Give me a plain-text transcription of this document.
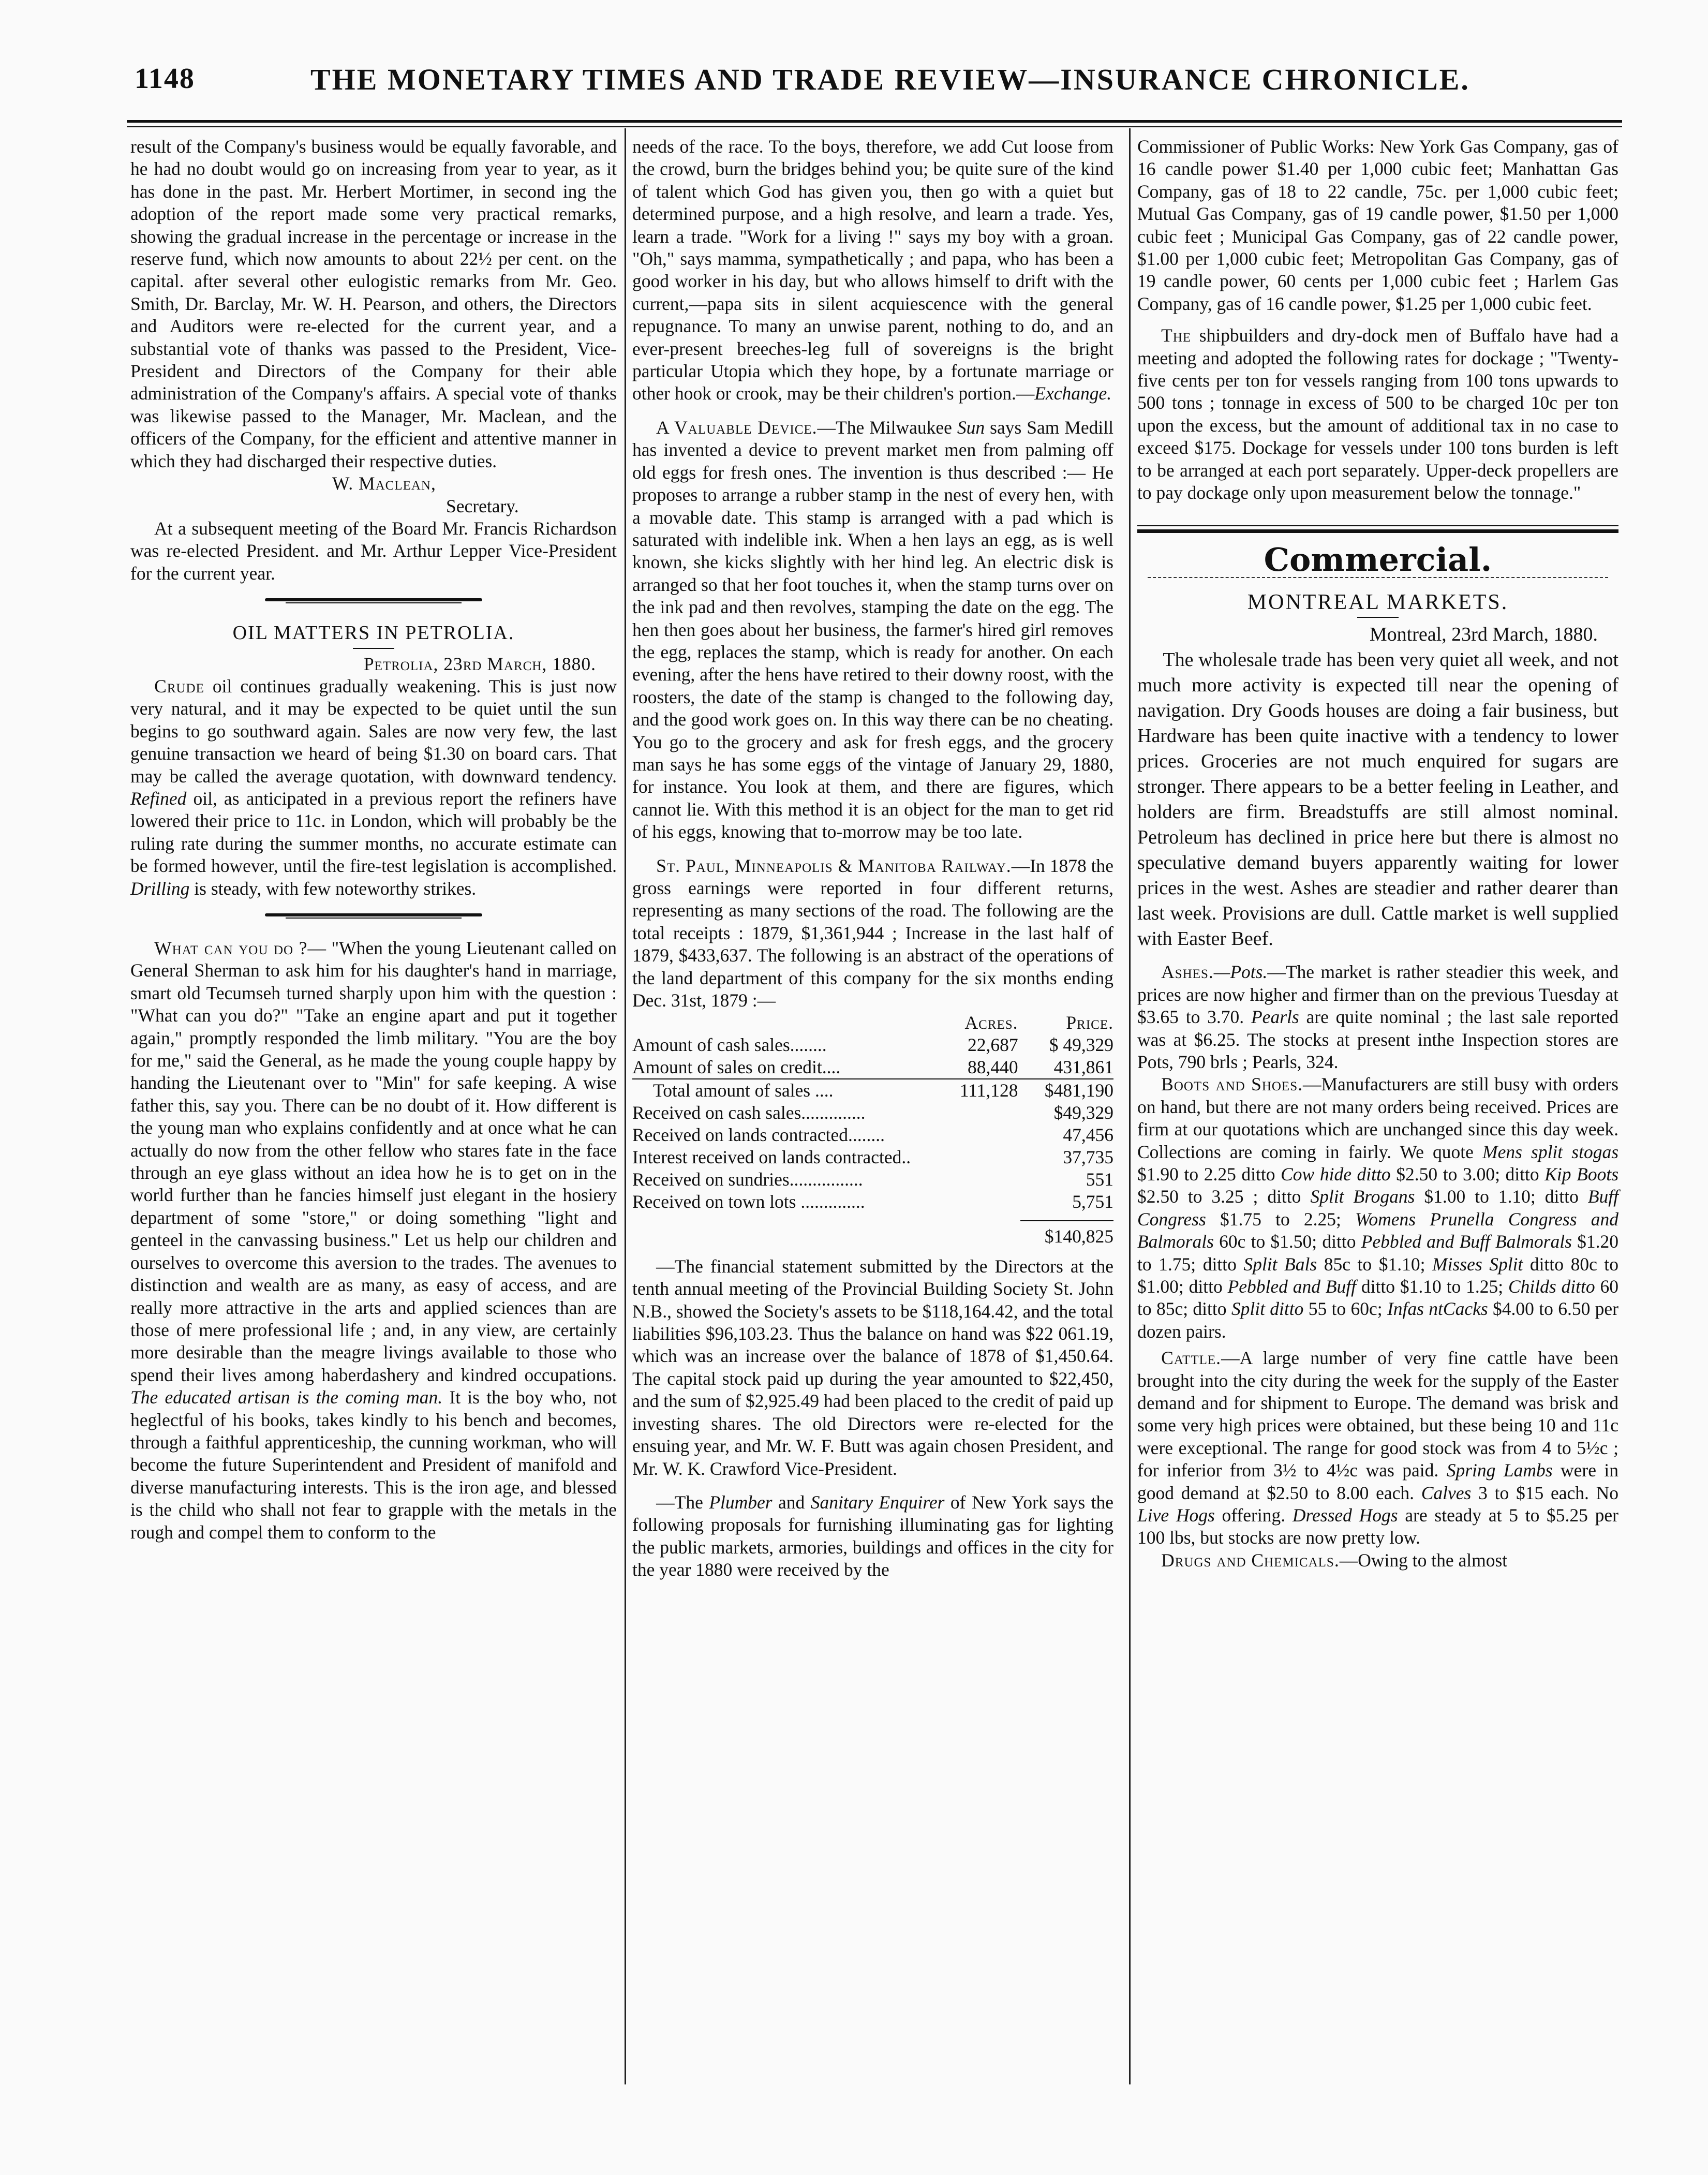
1148	THE MONETARY TIMES AND TRADE REVIEW—INSURANCE CHRONICLE.

result of the Company's business would be equally favorable, and he had no doubt would go on increasing from year to year, as it has done in the past. Mr. Herbert Mortimer, in second ing the adoption of the report made some very practical remarks, showing the gradual increase in the percentage or increase in the reserve fund, which now amounts to about 22½ per cent. on the capital. after several other eulogistic remarks from Mr. Geo. Smith, Dr. Barclay, Mr. W. H. Pearson, and others, the Directors and Auditors were re-elected for the current year, and a substantial vote of thanks was passed to the President, Vice-President and Directors of the Company for their able administration of the Company's affairs. A special vote of thanks was likewise passed to the Manager, Mr. Maclean, and the officers of the Company, for the efficient and attentive manner in which they had discharged their respective duties.

W. Maclean,
Secretary.

At a subsequent meeting of the Board Mr. Francis Richardson was re-elected President. and Mr. Arthur Lepper Vice-President for the current year.

OIL MATTERS IN PETROLIA.
Petrolia, 23rd March, 1880.

Crude oil continues gradually weakening. This is just now very natural, and it may be expected to be quiet until the sun begins to go southward again. Sales are now very few, the last genuine transaction we heard of being $1.30 on board cars. That may be called the average quotation, with downward tendency. Refined oil, as anticipated in a previous report the refiners have lowered their price to 11c. in London, which will probably be the ruling rate during the summer months, no accurate estimate can be formed however, until the fire-test legislation is accomplished. Drilling is steady, with few noteworthy strikes.

What can you do ?— "When the young Lieutenant called on General Sherman to ask him for his daughter's hand in marriage, smart old Tecumseh turned sharply upon him with the question : "What can you do?" "Take an engine apart and put it together again," promptly responded the limb military. "You are the boy for me," said the General, as he made the young couple happy by handing the Lieutenant over to "Min" for safe keeping. A wise father this, say you. There can be no doubt of it. How different is the young man who explains confidently and at once what he can actually do now from the other fellow who stares fate in the face through an eye glass without an idea how he is to get on in the world further than he fancies himself just elegant in the hosiery department of some "store," or doing something "light and genteel in the canvassing business." Let us help our children and ourselves to overcome this aversion to the trades. The avenues to distinction and wealth are as many, as easy of access, and are really more attractive in the arts and applied sciences than are those of mere professional life ; and, in any view, are certainly more desirable than the meagre livings available to those who spend their lives among haberdashery and kindred occupations. The educated artisan is the coming man. It is the boy who, not heglectful of his books, takes kindly to his bench and becomes, through a faithful apprenticeship, the cunning workman, who will become the future Superintendent and President of manifold and diverse manufacturing interests. This is the iron age, and blessed is the child who shall not fear to grapple with the metals in the rough and compel them to conform to the

needs of the race. To the boys, therefore, we add Cut loose from the crowd, burn the bridges behind you; be quite sure of the kind of talent which God has given you, then go with a quiet but determined purpose, and a high resolve, and learn a trade. Yes, learn a trade. "Work for a living !" says my boy with a groan. "Oh," says mamma, sympathetically ; and papa, who has been a good worker in his day, but who allows himself to drift with the current,—papa sits in silent acquiescence with the general repugnance. To many an unwise parent, nothing to do, and an ever-present breeches-leg full of sovereigns is the bright particular Utopia which they hope, by a fortunate marriage or other hook or crook, may be their children's portion.—Exchange.

A Valuable Device.—The Milwaukee Sun says Sam Medill has invented a device to prevent market men from palming off old eggs for fresh ones. The invention is thus described :— He proposes to arrange a rubber stamp in the nest of every hen, with a movable date. This stamp is arranged with a pad which is saturated with indelible ink. When a hen lays an egg, as is well known, she kicks slightly with her hind leg. An electric disk is arranged so that her foot touches it, when the stamp turns over on the ink pad and then revolves, stamping the date on the egg. The hen then goes about her business, the farmer's hired girl removes the egg, replaces the stamp, which is ready for another. On each evening, after the hens have retired to their downy roost, with the roosters, the date of the stamp is changed to the following day, and the good work goes on. In this way there can be no cheating. You go to the grocery and ask for fresh eggs, and the grocery man says he has some eggs of the vintage of January 29, 1880, for instance. You look at them, and there are figures, which cannot lie. With this method it is an object for the man to get rid of his eggs, knowing that to-morrow may be too late.

St. Paul, Minneapolis & Manitoba Railway.—In 1878 the gross earnings were reported in four different returns, representing as many sections of the road. The following are the total receipts : 1879, $1,361,944 ; Increase in the last half of 1879, $433,637. The following is an abstract of the operations of the land department of this company for the six months ending Dec. 31st, 1879 :—

	Acres.	Price.
Amount of cash sales........	22,687	$ 49,329
Amount of sales on credit....	88,440	431,861
Total amount of sales ....	111,128	$481,190
Received on cash sales..............		$49,329
Received on lands contracted........		47,456
Interest received on lands contracted..		37,735
Received on sundries................		551
Received on town lots ..............		5,751
$140,825

—The financial statement submitted by the Directors at the tenth annual meeting of the Provincial Building Society St. John N.B., showed the Society's assets to be $118,164.42, and the total liabilities $96,103.23. Thus the balance on hand was $22 061.19, which was an increase over the balance of 1878 of $1,450.64. The capital stock paid up during the year amounted to $22,450, and the sum of $2,925.49 had been placed to the credit of paid up investing shares. The old Directors were re-elected for the ensuing year, and Mr. W. F. Butt was again chosen President, and Mr. W. K. Crawford Vice-President.

—The Plumber and Sanitary Enquirer of New York says the following proposals for furnishing illuminating gas for lighting the public markets, armories, buildings and offices in the city for the year 1880 were received by the

Commissioner of Public Works: New York Gas Company, gas of 16 candle power $1.40 per 1,000 cubic feet; Manhattan Gas Company, gas of 18 to 22 candle, 75c. per 1,000 cubic feet; Mutual Gas Company, gas of 19 candle power, $1.50 per 1,000 cubic feet ; Municipal Gas Company, gas of 22 candle power, $1.00 per 1,000 cubic feet; Metropolitan Gas Company, gas of 19 candle power, 60 cents per 1,000 cubic feet ; Harlem Gas Company, gas of 16 candle power, $1.25 per 1,000 cubic feet.

The shipbuilders and dry-dock men of Buffalo have had a meeting and adopted the following rates for dockage ; "Twenty-five cents per ton for vessels ranging from 100 tons upwards to 500 tons ; tonnage in excess of 500 to be charged 10c per ton upon the excess, but the amount of additional tax in no case to exceed $175. Dockage for vessels under 100 tons burden is left to be arranged at each port separately. Upper-deck propellers are to pay dockage only upon measurement below the tonnage."

Commercial.
MONTREAL MARKETS.
Montreal, 23rd March, 1880.

The wholesale trade has been very quiet all week, and not much more activity is expected till near the opening of navigation. Dry Goods houses are doing a fair business, but Hardware has been quite inactive with a tendency to lower prices. Groceries are not much enquired for sugars are stronger. There appears to be a better feeling in Leather, and holders are firm. Breadstuffs are still almost nominal. Petroleum has declined in price here but there is almost no speculative demand buyers apparently waiting for lower prices in the west. Ashes are steadier and rather dearer than last week. Provisions are dull. Cattle market is well supplied with Easter Beef.

Ashes.—Pots.—The market is rather steadier this week, and prices are now higher and firmer than on the previous Tuesday at $3.65 to 3.70. Pearls are quite nominal ; the last sale reported was at $6.25. The stocks at present inthe Inspection stores are Pots, 790 brls ; Pearls, 324.

Boots and Shoes.—Manufacturers are still busy with orders on hand, but there are not many orders being received. Prices are firm at our quotations which are unchanged since this day week. Collections are coming in fairly. We quote Mens split stogas $1.90 to 2.25 ditto Cow hide ditto $2.50 to 3.00; ditto Kip Boots $2.50 to 3.25 ; ditto Split Brogans $1.00 to 1.10; ditto Buff Congress $1.75 to 2.25; Womens Prunella Congress and Balmorals 60c to $1.50; ditto Pebbled and Buff Balmorals $1.20 to 1.75; ditto Split Bals 85c to $1.10; Misses Split ditto 80c to $1.00; ditto Pebbled and Buff ditto $1.10 to 1.25; Childs ditto 60 to 85c; ditto Split ditto 55 to 60c; Infas ntCacks $4.00 to 6.50 per dozen pairs.

Cattle.—A large number of very fine cattle have been brought into the city during the week for the supply of the Easter demand and for shipment to Europe. The demand was brisk and some very high prices were obtained, but these being 10 and 11c were exceptional. The range for good stock was from 4 to 5½c ; for inferior from 3½ to 4½c was paid. Spring Lambs were in good demand at $2.50 to 8.00 each. Calves 3 to $15 each. No Live Hogs offering. Dressed Hogs are steady at 5 to $5.25 per 100 lbs, but stocks are now pretty low.

Drugs and Chemicals.—Owing to the almost
